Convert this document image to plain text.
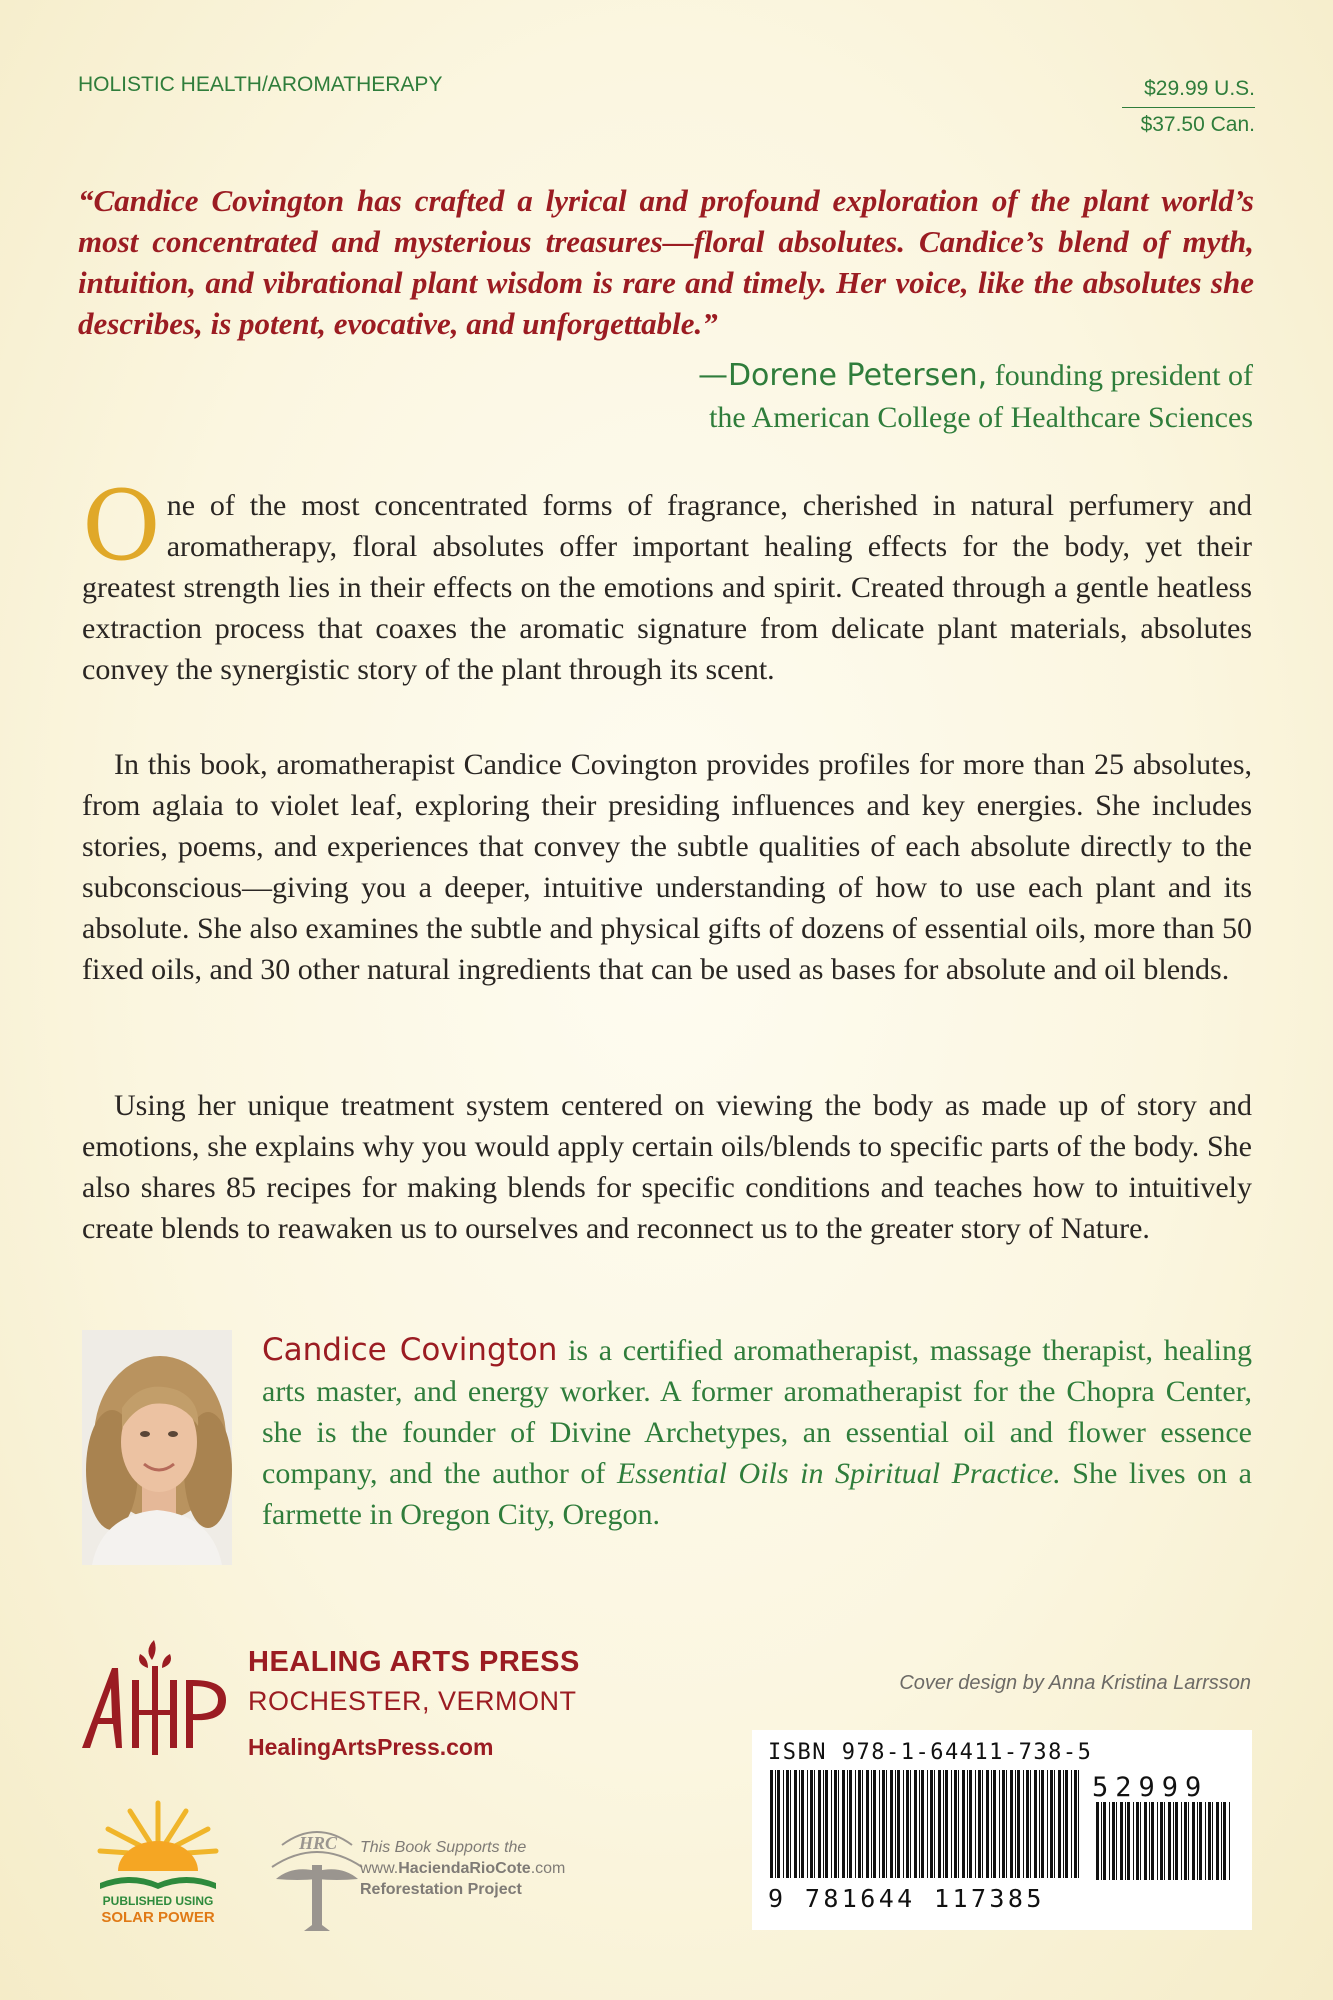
HOLISTIC HEALTH/AROMATHERAPY	$29.99 U.S.
$37.50 Can.
“Candice Covington has crafted a lyrical and profound exploration of the plant world’s most concentrated and mysterious treasures—floral absolutes. Candice’s blend of myth, intuition, and vibrational plant wisdom is rare and timely. Her voice, like the absolutes she describes, is potent, evocative, and unforgettable.”
—Dorene Petersen, founding president of
the American College of Healthcare Sciences

One of the most concentrated forms of fragrance, cherished in natural perfumery and aromatherapy, floral absolutes offer important healing effects for the body, yet their greatest strength lies in their effects on the emotions and spirit. Created through a gentle heatless extraction process that coaxes the aromatic signature from delicate plant materials, absolutes convey the synergistic story of the plant through its scent.

In this book, aromatherapist Candice Covington provides profiles for more than 25 absolutes, from aglaia to violet leaf, exploring their presiding influences and key energies. She includes stories, poems, and experiences that convey the subtle qualities of each absolute directly to the subconscious—giving you a deeper, intuitive understanding of how to use each plant and its absolute. She also examines the subtle and physical gifts of dozens of essential oils, more than 50 fixed oils, and 30 other natural ingredients that can be used as bases for absolute and oil blends.

Using her unique treatment system centered on viewing the body as made up of story and emotions, she explains why you would apply certain oils/blends to specific parts of the body. She also shares 85 recipes for making blends for specific conditions and teaches how to intuitively create blends to reawaken us to ourselves and reconnect us to the greater story of Nature.

Candice Covington is a certified aromatherapist, massage therapist, healing arts master, and energy worker. A former aromatherapist for the Chopra Center, she is the founder of Divine Archetypes, an essential oil and flower essence company, and the author of Essential Oils in Spiritual Practice. She lives on a farmette in Oregon City, Oregon.

HEALING ARTS PRESS
ROCHESTER, VERMONT
HealingArtsPress.com
Cover design by Anna Kristina Larrsson
PUBLISHED USING
SOLAR POWER
HRC This Book Supports the
www.HaciendaRioCote.com
Reforestation Project
ISBN 978-1-64411-738-5
52999
9 781644 117385
